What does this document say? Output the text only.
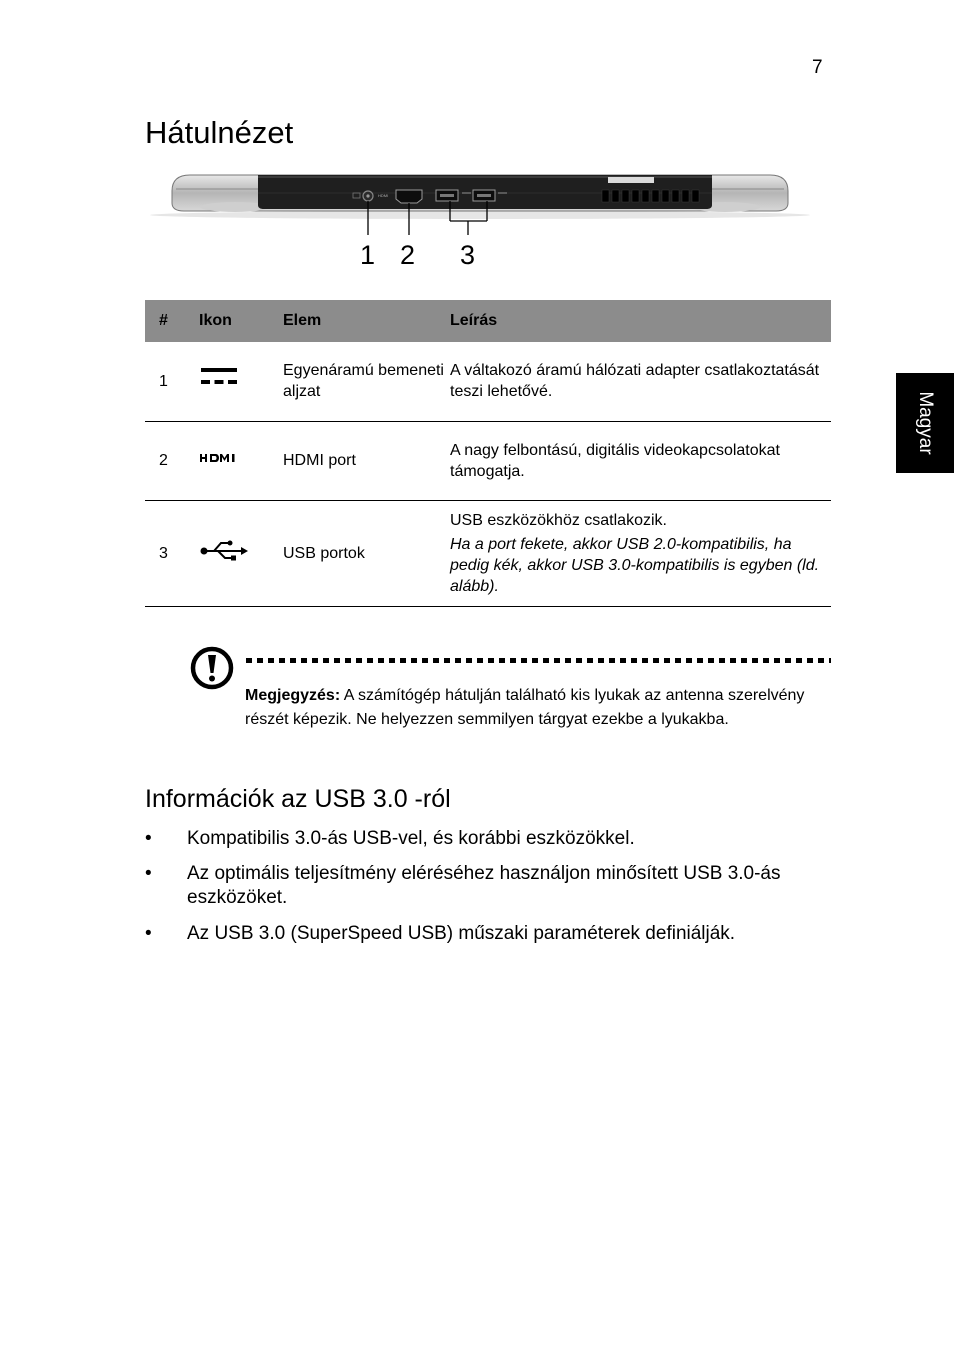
7
Hátulnézet
Magyar
HDMI
1 2 3
#	Ikon	Elem	Leírás
1		Egyenáramú bemeneti aljzat	A váltakozó áramú hálózati adapter csatlakoztatását teszi lehetővé.

2		HDMI port	A nagy felbontású, digitális videokapcsolatokat támogatja.

3		USB portok	USB eszközökhöz csatlakozik.
Ha a port fekete, akkor USB 2.0-kompatibilis, ha pedig kék, akkor USB 3.0-kompatibilis is egyben (ld. alább).
Megjegyzés: A számítógép hátulján található kis lyukak az antenna szerelvény részét képezik. Ne helyezzen semmilyen tárgyat ezekbe a lyukakba.
Információk az USB 3.0 -ról
• Kompatibilis 3.0-ás USB-vel, és korábbi eszközökkel.
• Az optimális teljesítmény eléréséhez használjon minősített USB 3.0-ás eszközöket.
• Az USB 3.0 (SuperSpeed USB) műszaki paraméterek definiálják.
